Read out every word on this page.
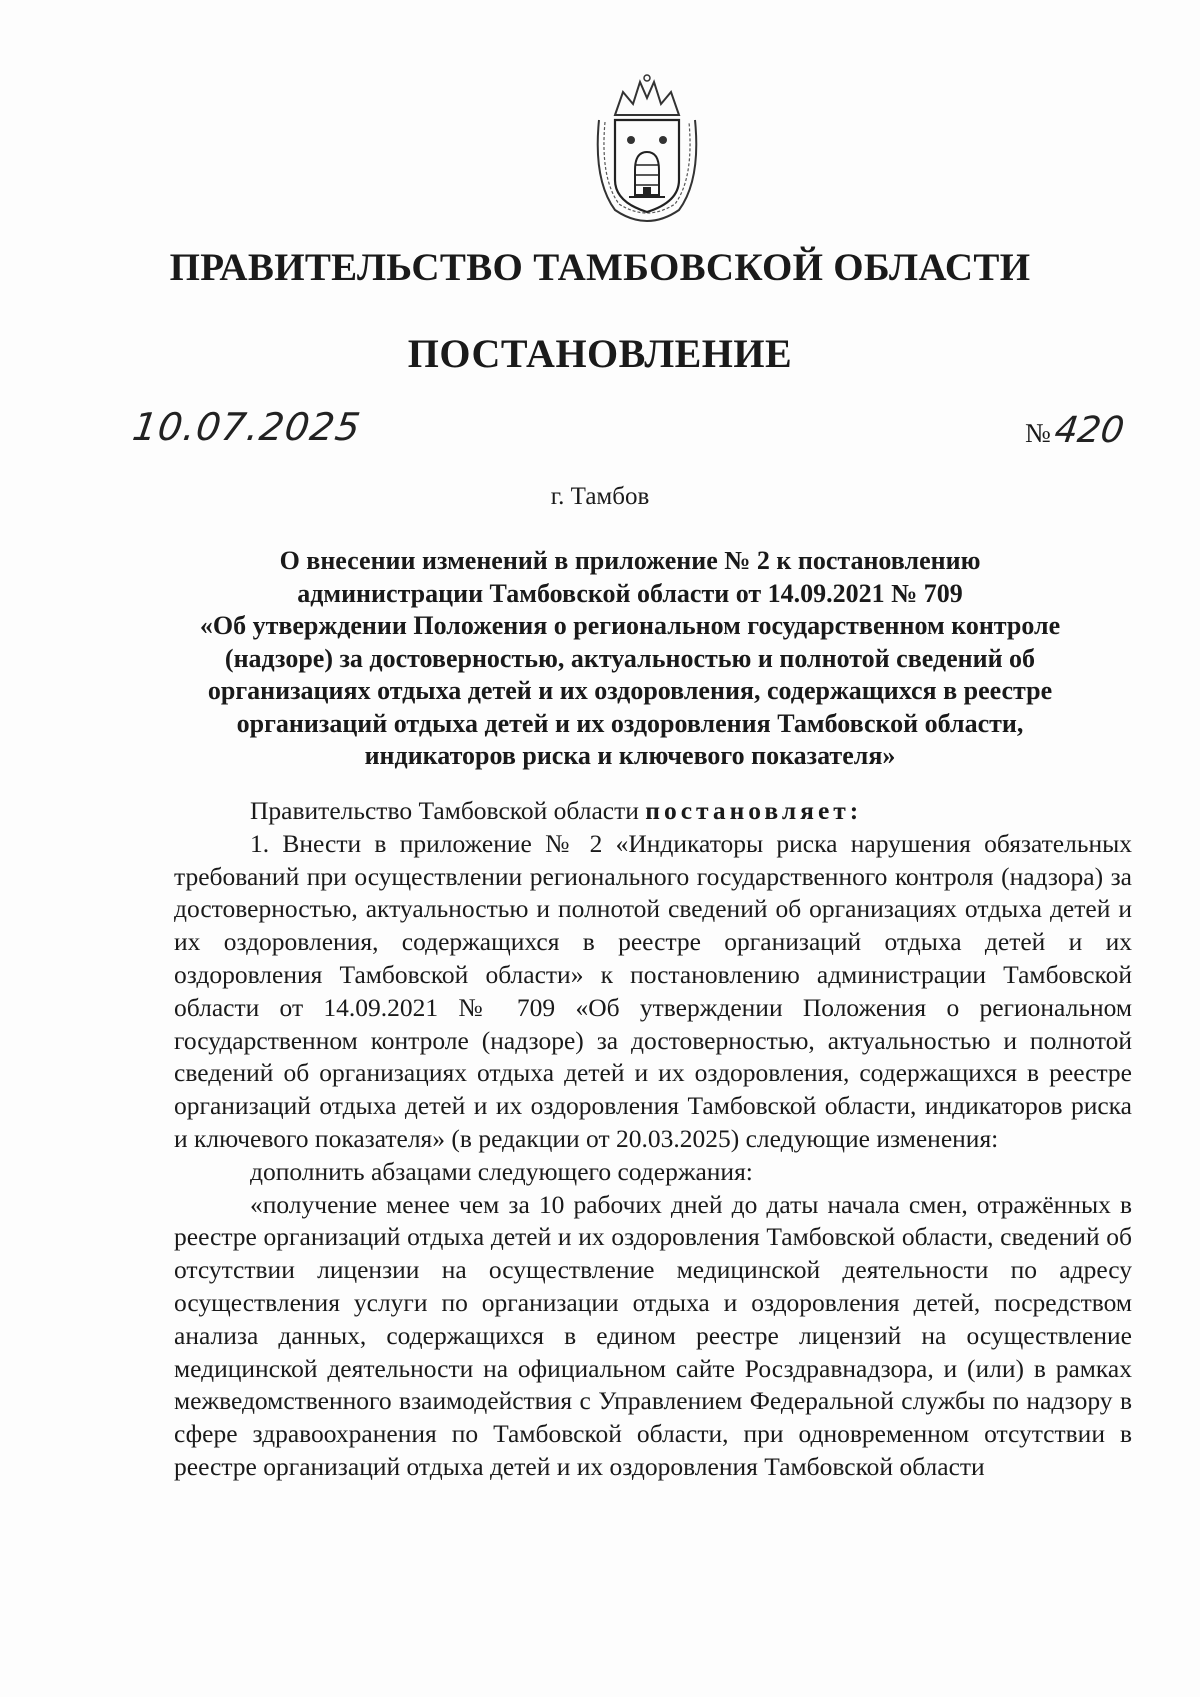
ПРАВИТЕЛЬСТВО ТАМБОВСКОЙ ОБЛАСТИ
ПОСТАНОВЛЕНИЕ
10.07.2025	№420
г. Тамбов
О внесении изменений в приложение № 2 к постановлению
администрации Тамбовской области от 14.09.2021 № 709
«Об утверждении Положения о региональном государственном контроле
(надзоре) за достоверностью, актуальностью и полнотой сведений об
организациях отдыха детей и их оздоровления, содержащихся в реестре
организаций отдыха детей и их оздоровления Тамбовской области,
индикаторов риска и ключевого показателя»

Правительство Тамбовской области постановляет:

1. Внести в приложение № 2 «Индикаторы риска нарушения обязательных требований при осуществлении регионального государственного контроля (надзора) за достоверностью, актуальностью и полнотой сведений об организациях отдыха детей и их оздоровления, содержащихся в реестре организаций отдыха детей и их оздоровления Тамбовской области» к постановлению администрации Тамбовской области от 14.09.2021 № 709 «Об утверждении Положения о региональном государственном контроле (надзоре) за достоверностью, актуальностью и полнотой сведений об организациях отдыха детей и их оздоровления, содержащихся в реестре организаций отдыха детей и их оздоровления Тамбовской области, индикаторов риска и ключевого показателя» (в редакции от 20.03.2025) следующие изменения:

дополнить абзацами следующего содержания:

«получение менее чем за 10 рабочих дней до даты начала смен, отражённых в реестре организаций отдыха детей и их оздоровления Тамбовской области, сведений об отсутствии лицензии на осуществление медицинской деятельности по адресу осуществления услуги по организации отдыха и оздоровления детей, посредством анализа данных, содержащихся в едином реестре лицензий на осуществление медицинской деятельности на официальном сайте Росздравнадзора, и (или) в рамках межведомственного взаимодействия с Управлением Федеральной службы по надзору в сфере здравоохранения по Тамбовской области, при одновременном отсутствии в реестре организаций отдыха детей и их оздоровления Тамбовской области
